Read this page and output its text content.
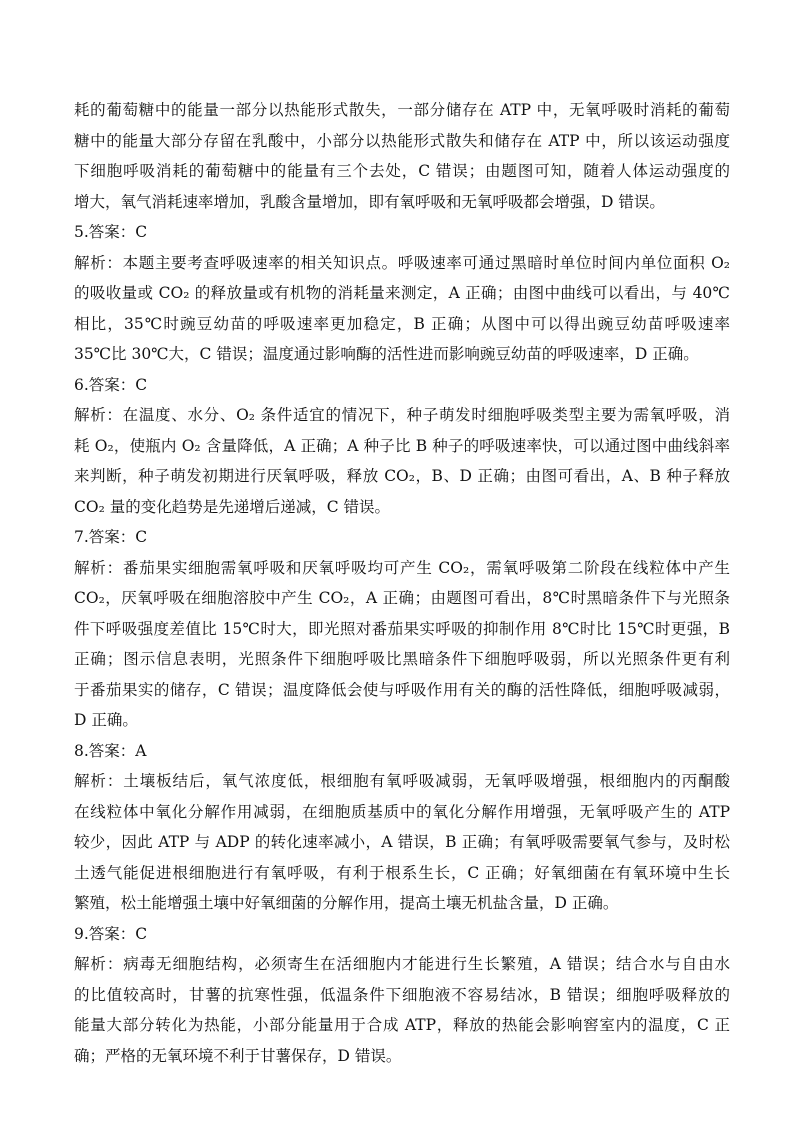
耗的葡萄糖中的能量一部分以热能形式散失，一部分储存在 ATP 中，无氧呼吸时消耗的葡萄
糖中的能量大部分存留在乳酸中，小部分以热能形式散失和储存在 ATP 中，所以该运动强度
下细胞呼吸消耗的葡萄糖中的能量有三个去处，C 错误；由题图可知，随着人体运动强度的
增大，氧气消耗速率增加，乳酸含量增加，即有氧呼吸和无氧呼吸都会增强，D 错误。
5.答案：C
解析：本题主要考查呼吸速率的相关知识点。呼吸速率可通过黑暗时单位时间内单位面积 O₂
的吸收量或 CO₂ 的释放量或有机物的消耗量来测定，A 正确；由图中曲线可以看出，与 40℃
相比，35℃时豌豆幼苗的呼吸速率更加稳定，B 正确；从图中可以得出豌豆幼苗呼吸速率
35℃比 30℃大，C 错误；温度通过影响酶的活性进而影响豌豆幼苗的呼吸速率，D 正确。
6.答案：C
解析：在温度、水分、O₂ 条件适宜的情况下，种子萌发时细胞呼吸类型主要为需氧呼吸，消
耗 O₂，使瓶内 O₂ 含量降低，A 正确；A 种子比 B 种子的呼吸速率快，可以通过图中曲线斜率
来判断，种子萌发初期进行厌氧呼吸，释放 CO₂，B、D 正确；由图可看出，A、B 种子释放
CO₂ 量的变化趋势是先递增后递减，C 错误。
7.答案：C
解析：番茄果实细胞需氧呼吸和厌氧呼吸均可产生 CO₂，需氧呼吸第二阶段在线粒体中产生
CO₂，厌氧呼吸在细胞溶胶中产生 CO₂，A 正确；由题图可看出，8℃时黑暗条件下与光照条
件下呼吸强度差值比 15℃时大，即光照对番茄果实呼吸的抑制作用 8℃时比 15℃时更强，B
正确；图示信息表明，光照条件下细胞呼吸比黑暗条件下细胞呼吸弱，所以光照条件更有利
于番茄果实的储存，C 错误；温度降低会使与呼吸作用有关的酶的活性降低，细胞呼吸减弱，
D 正确。
8.答案：A
解析：土壤板结后，氧气浓度低，根细胞有氧呼吸减弱，无氧呼吸增强，根细胞内的丙酮酸
在线粒体中氧化分解作用减弱，在细胞质基质中的氧化分解作用增强，无氧呼吸产生的 ATP
较少，因此 ATP 与 ADP 的转化速率减小，A 错误，B 正确；有氧呼吸需要氧气参与，及时松
土透气能促进根细胞进行有氧呼吸，有利于根系生长，C 正确；好氧细菌在有氧环境中生长
繁殖，松土能增强土壤中好氧细菌的分解作用，提高土壤无机盐含量，D 正确。
9.答案：C
解析：病毒无细胞结构，必须寄生在活细胞内才能进行生长繁殖，A 错误；结合水与自由水
的比值较高时，甘薯的抗寒性强，低温条件下细胞液不容易结冰，B 错误；细胞呼吸释放的
能量大部分转化为热能，小部分能量用于合成 ATP，释放的热能会影响窖室内的温度，C 正
确；严格的无氧环境不利于甘薯保存，D 错误。
